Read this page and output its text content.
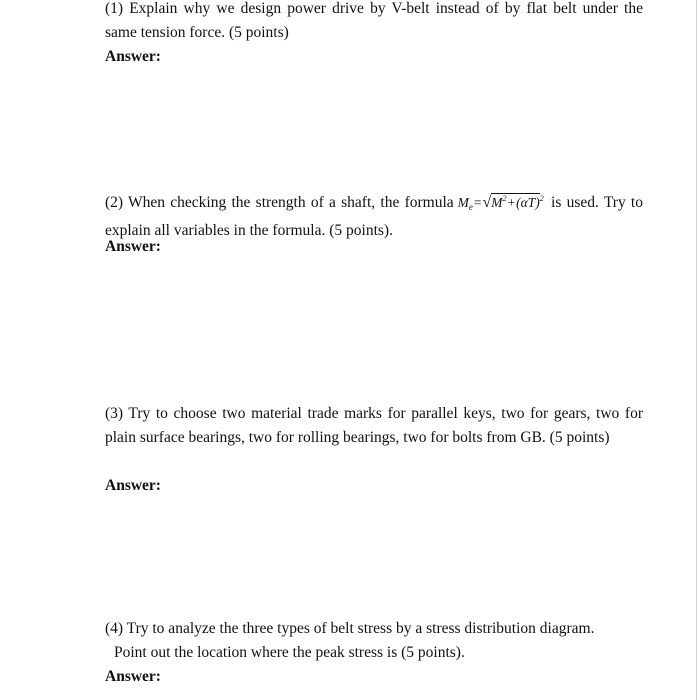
(1) Explain why we design power drive by V-belt instead of by flat belt under the same tension force. (5 points)

Answer:

(2) When checking the strength of a shaft, the formula $M_e=√M^2+(\alpha T)^2$ is used. Try to explain all variables in the formula. (5 points).

Answer:

(3) Try to choose two material trade marks for parallel keys, two for gears, two for plain surface bearings, two for rolling bearings, two for bolts from GB. (5 points)

Answer:

(4) Try to analyze the three types of belt stress by a stress distribution diagram.
Point out the location where the peak stress is (5 points).

Answer:
